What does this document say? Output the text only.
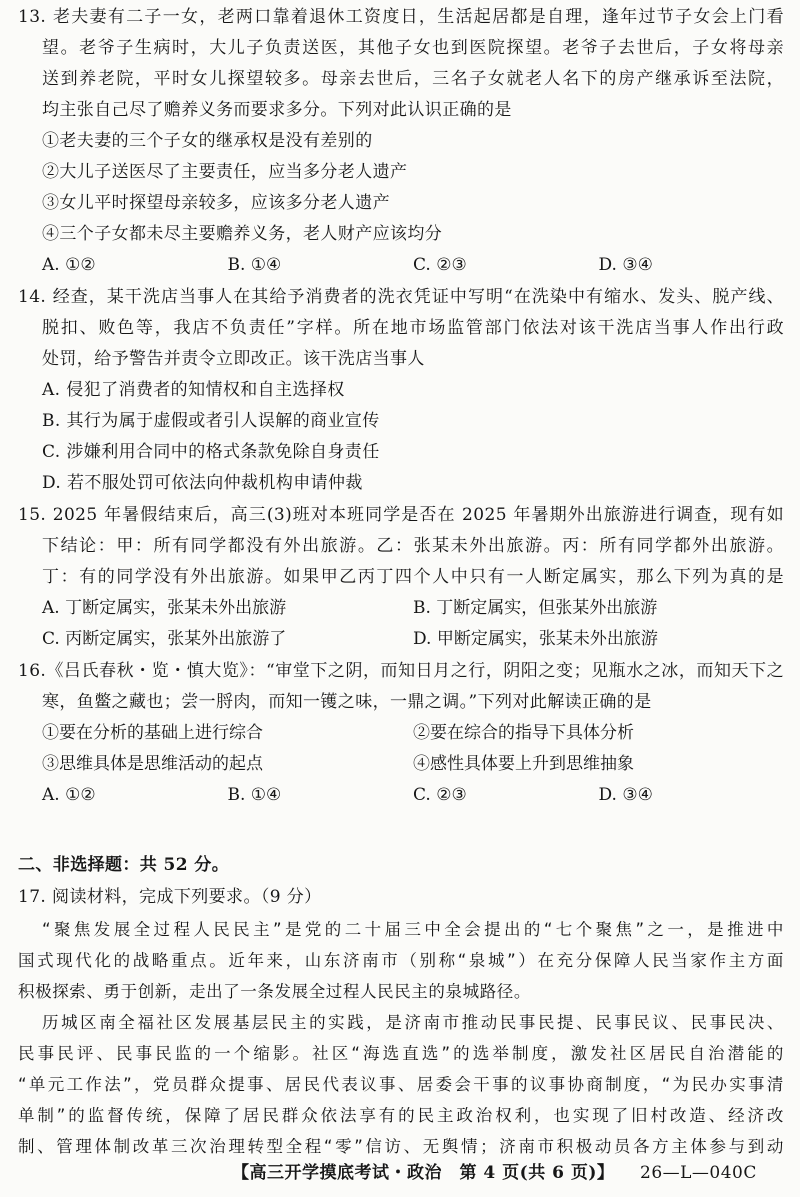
13. 老夫妻有二子一女，老两口靠着退休工资度日，生活起居都是自理，逢年过节子女会上门看
望。老爷子生病时，大儿子负责送医，其他子女也到医院探望。老爷子去世后，子女将母亲
送到养老院，平时女儿探望较多。母亲去世后，三名子女就老人名下的房产继承诉至法院，
均主张自己尽了赡养义务而要求多分。下列对此认识正确的是
①老夫妻的三个子女的继承权是没有差别的
②大儿子送医尽了主要责任，应当多分老人遗产
③女儿平时探望母亲较多，应该多分老人遗产
④三个子女都未尽主要赡养义务，老人财产应该均分
A. ①②	B. ①④	C. ②③	D. ③④
14. 经查，某干洗店当事人在其给予消费者的洗衣凭证中写明“在洗染中有缩水、发头、脱产线、
脱扣、败色等，我店不负责任”字样。所在地市场监管部门依法对该干洗店当事人作出行政
处罚，给予警告并责令立即改正。该干洗店当事人
A. 侵犯了消费者的知情权和自主选择权
B. 其行为属于虚假或者引人误解的商业宣传
C. 涉嫌利用合同中的格式条款免除自身责任
D. 若不服处罚可依法向仲裁机构申请仲裁
15. 2025 年暑假结束后，高三(3)班对本班同学是否在 2025 年暑期外出旅游进行调查，现有如
下结论：甲：所有同学都没有外出旅游。乙：张某未外出旅游。丙：所有同学都外出旅游。
丁：有的同学没有外出旅游。如果甲乙丙丁四个人中只有一人断定属实，那么下列为真的是
A. 丁断定属实，张某未外出旅游	B. 丁断定属实，但张某外出旅游
C. 丙断定属实，张某外出旅游了	D. 甲断定属实，张某未外出旅游
16.《吕氏春秋・览・慎大览》：“审堂下之阴，而知日月之行，阴阳之变；见瓶水之冰，而知天下之
寒，鱼鳖之藏也；尝一脟肉，而知一镬之味，一鼎之调。”下列对此解读正确的是
①要在分析的基础上进行综合	②要在综合的指导下具体分析
③思维具体是思维活动的起点	④感性具体要上升到思维抽象
A. ①②	B. ①④	C. ②③	D. ③④
二、非选择题：共 52 分。
17. 阅读材料，完成下列要求。（9 分）
“聚焦发展全过程人民民主”是党的二十届三中全会提出的“七个聚焦”之一，是推进中
国式现代化的战略重点。近年来，山东济南市（别称“泉城”）在充分保障人民当家作主方面
积极探索、勇于创新，走出了一条发展全过程人民民主的泉城路径。
历城区南全福社区发展基层民主的实践，是济南市推动民事民提、民事民议、民事民决、
民事民评、民事民监的一个缩影。社区“海选直选”的选举制度，激发社区居民自治潜能的
“单元工作法”，党员群众提事、居民代表议事、居委会干事的议事协商制度，“为民办实事清
单制”的监督传统，保障了居民群众依法享有的民主政治权利，也实现了旧村改造、经济改
制、管理体制改革三次治理转型全程“零”信访、无舆情；济南市积极动员各方主体参与到动
【高三开学摸底考试・政治　第 4 页(共 6 页)】 26—L—040C
